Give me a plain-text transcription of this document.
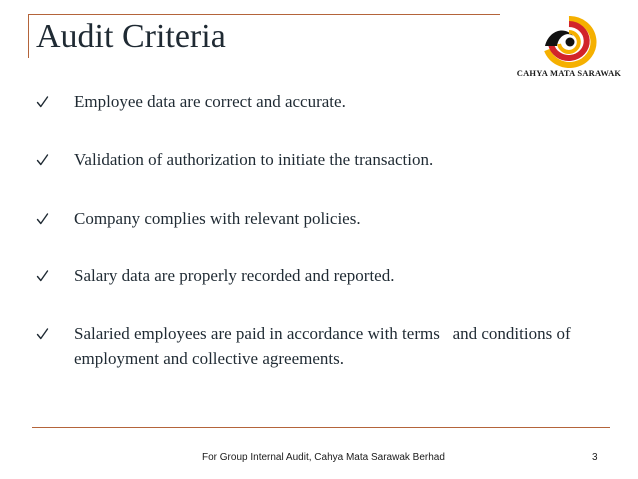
Audit Criteria
CAHYA MATA SARAWAK
Employee data are correct and accurate.
Validation of authorization to initiate the transaction.
Company complies with relevant policies.
Salary data are properly recorded and reported.
Salaried employees are paid in accordance with terms   and conditions of employment and collective agreements.
For Group Internal Audit, Cahya Mata Sarawak Berhad	3
